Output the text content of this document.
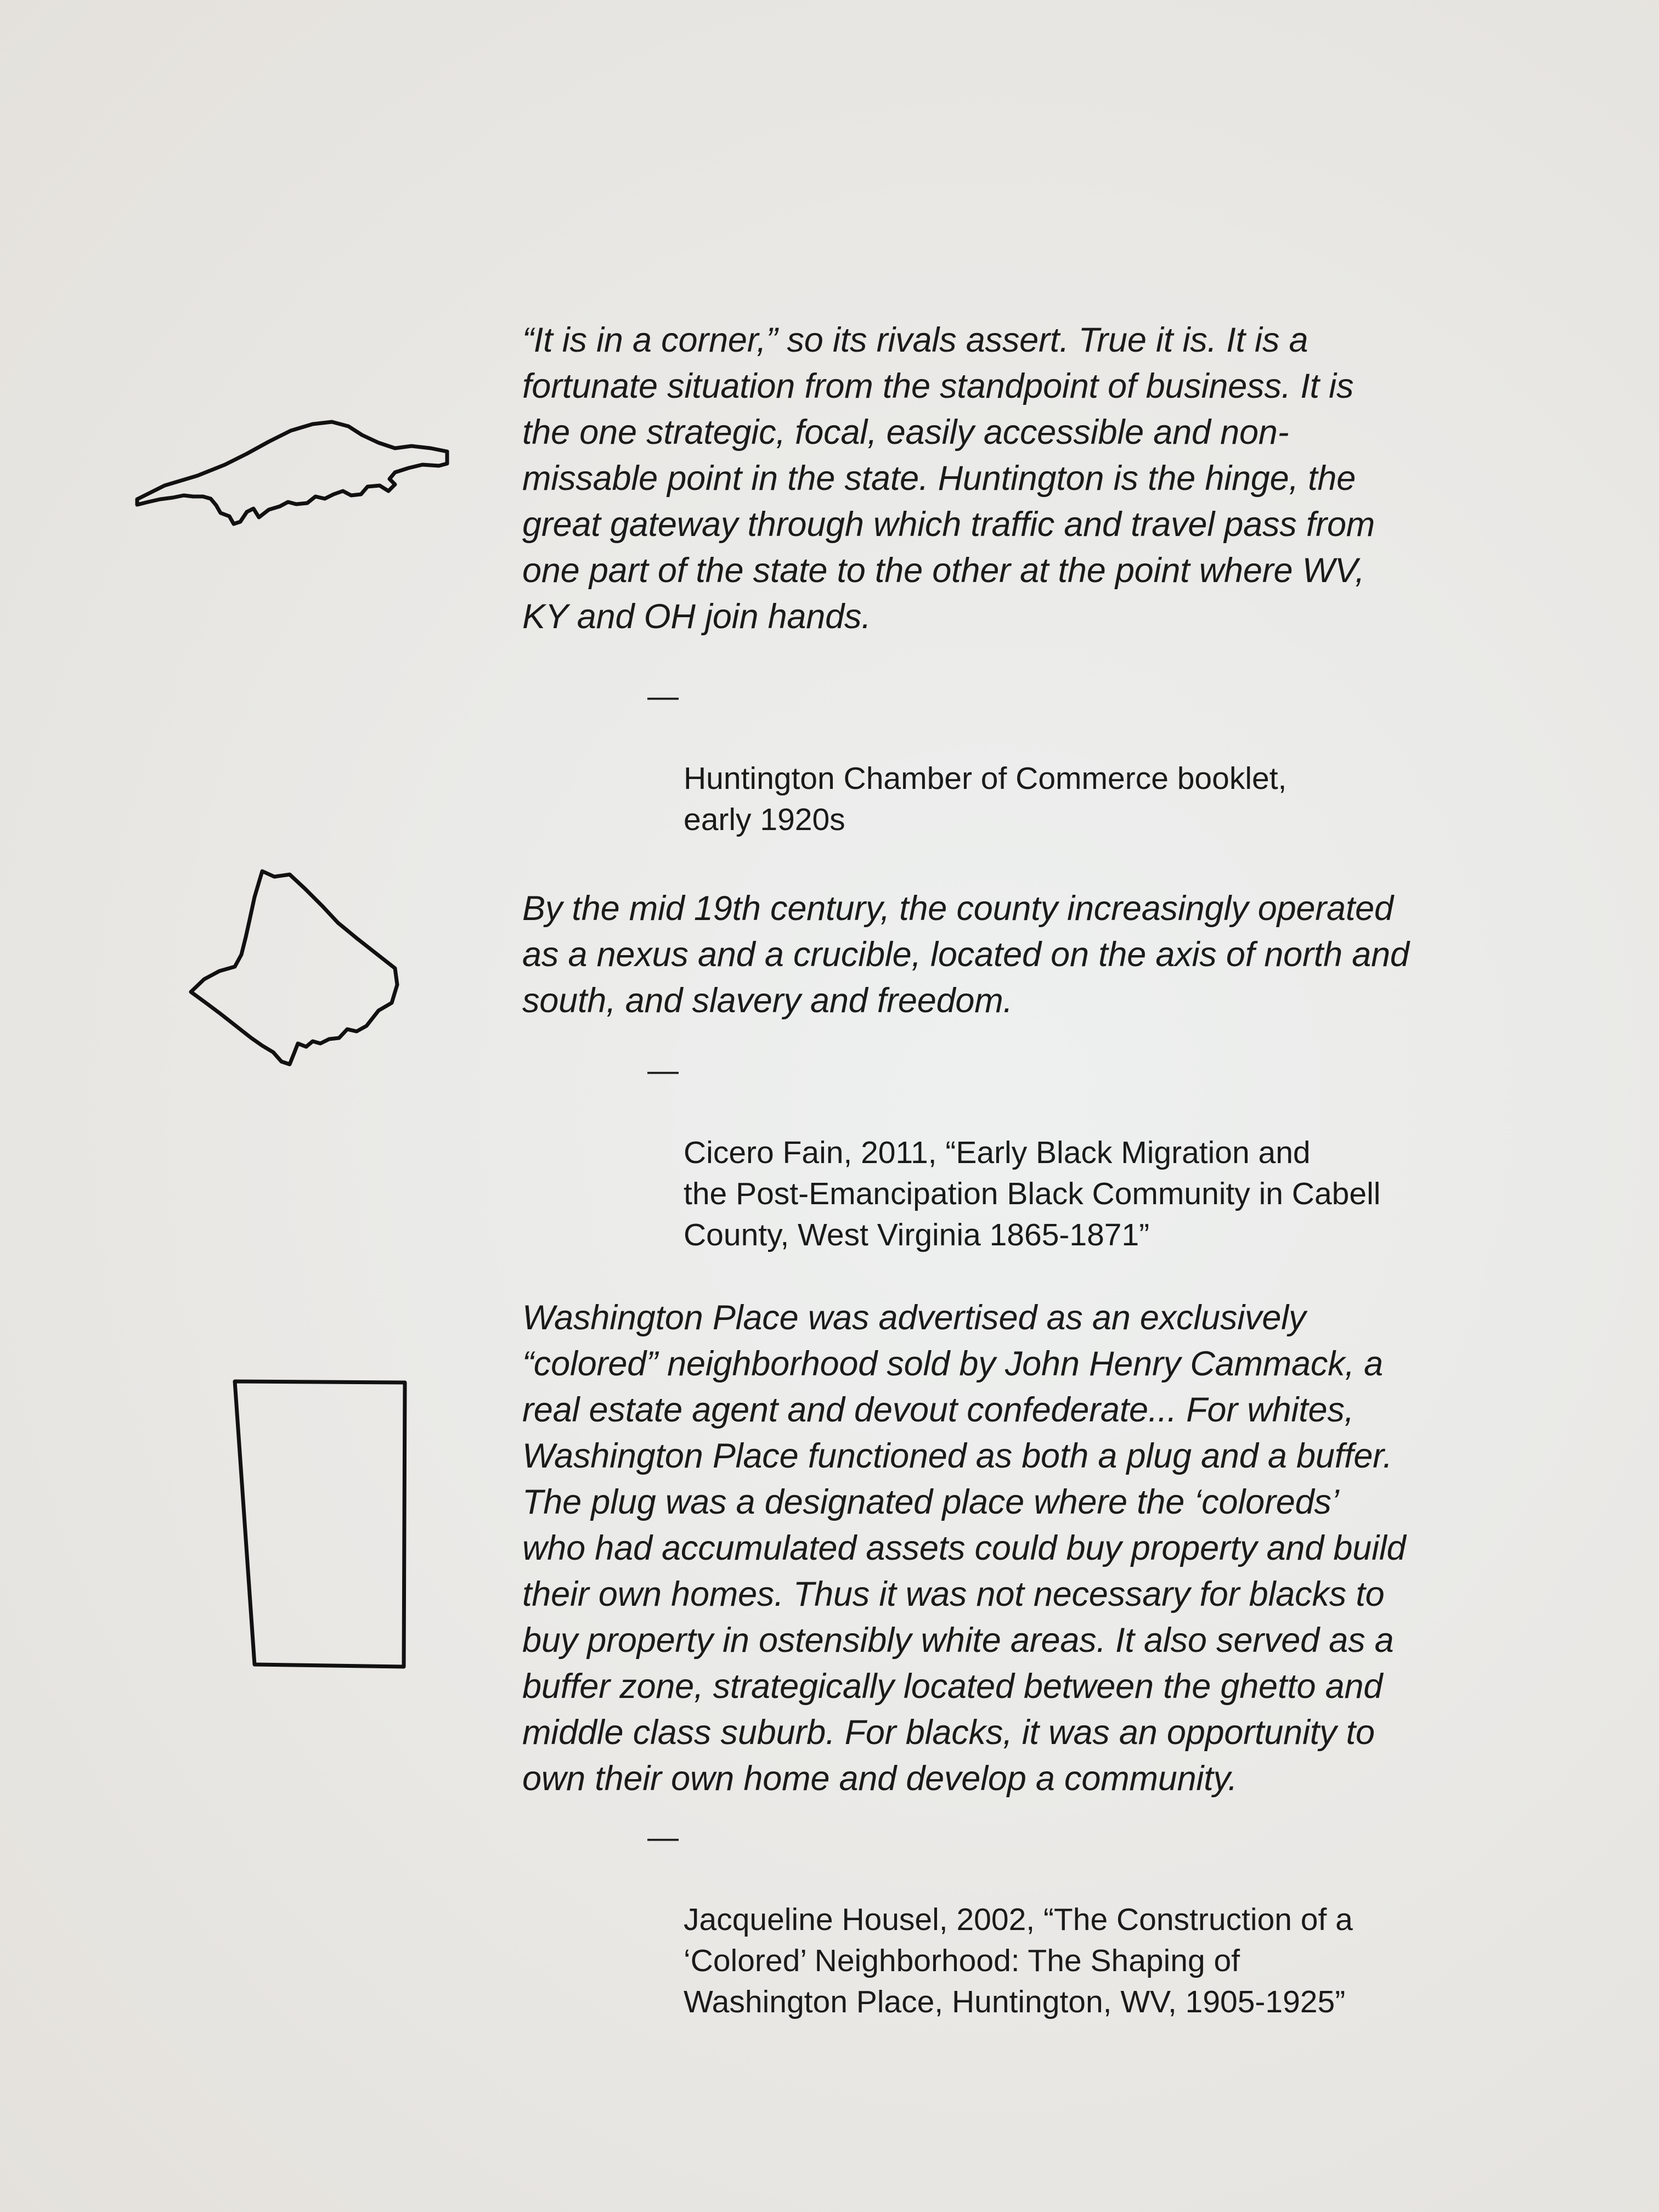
“It is in a corner,” so its rivals assert. True it is. It is a
fortunate situation from the standpoint of business. It is
the one strategic, focal, easily accessible and non-
missable point in the state. Huntington is the hinge, the
great gateway through which traffic and travel pass from
one part of the state to the other at the point where WV,
KY and OH join hands.

—

Huntington Chamber of Commerce booklet,
early 1920s

By the mid 19th century, the county increasingly operated
as a nexus and a crucible, located on the axis of north and
south, and slavery and freedom.

—

Cicero Fain, 2011, “Early Black Migration and
the Post-Emancipation Black Community in Cabell
County, West Virginia 1865-1871”

Washington Place was advertised as an exclusively
“colored” neighborhood sold by John Henry Cammack, a
real estate agent and devout confederate... For whites,
Washington Place functioned as both a plug and a buffer.
The plug was a designated place where the ‘coloreds’
who had accumulated assets could buy property and build
their own homes. Thus it was not necessary for blacks to
buy property in ostensibly white areas. It also served as a
buffer zone, strategically located between the ghetto and
middle class suburb. For blacks, it was an opportunity to
own their own home and develop a community.

—

Jacqueline Housel, 2002, “The Construction of a
‘Colored’ Neighborhood: The Shaping of
Washington Place, Huntington, WV, 1905-1925”
